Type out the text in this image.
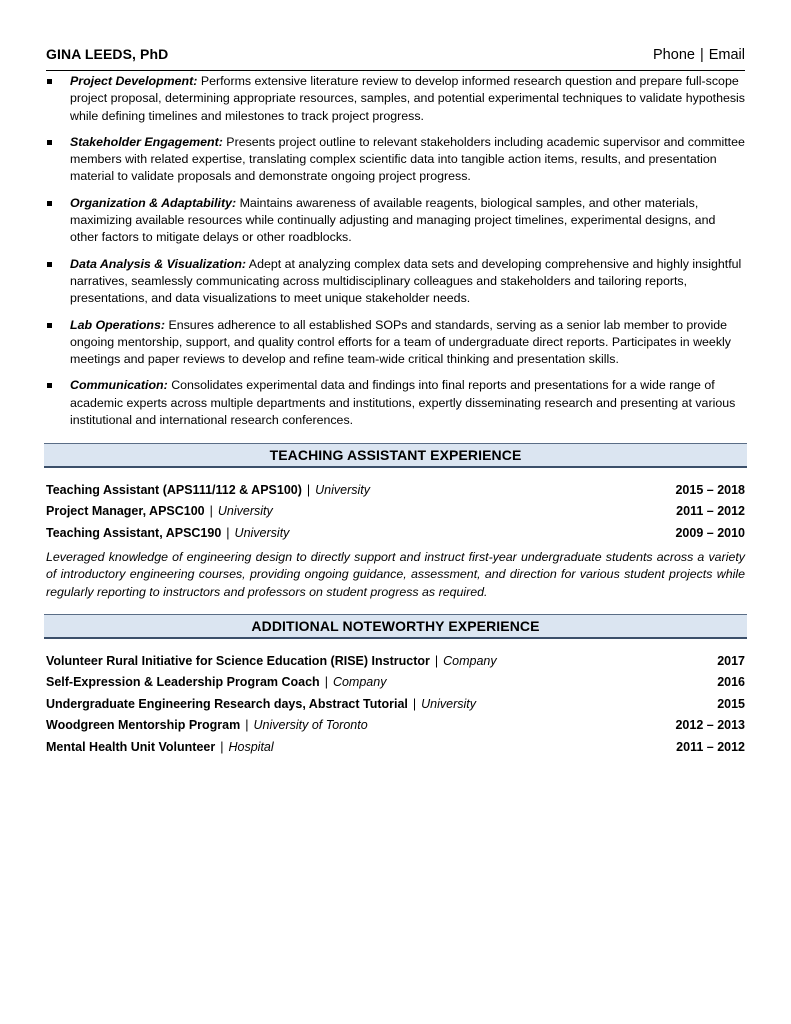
GINA LEEDS, PhD	Phone | Email
Project Development: Performs extensive literature review to develop informed research question and prepare full-scope project proposal, determining appropriate resources, samples, and potential experimental techniques to validate hypothesis while defining timelines and milestones to track project progress.
Stakeholder Engagement: Presents project outline to relevant stakeholders including academic supervisor and committee members with related expertise, translating complex scientific data into tangible action items, results, and presentation material to validate proposals and demonstrate ongoing project progress.
Organization & Adaptability: Maintains awareness of available reagents, biological samples, and other materials, maximizing available resources while continually adjusting and managing project timelines, experimental designs, and other factors to mitigate delays or other roadblocks.
Data Analysis & Visualization: Adept at analyzing complex data sets and developing comprehensive and highly insightful narratives, seamlessly communicating across multidisciplinary colleagues and stakeholders and tailoring reports, presentations, and data visualizations to meet unique stakeholder needs.
Lab Operations: Ensures adherence to all established SOPs and standards, serving as a senior lab member to provide ongoing mentorship, support, and quality control efforts for a team of undergraduate direct reports. Participates in weekly meetings and paper reviews to develop and refine team-wide critical thinking and presentation skills.
Communication: Consolidates experimental data and findings into final reports and presentations for a wide range of academic experts across multiple departments and institutions, expertly disseminating research and presenting at various institutional and international research conferences.
TEACHING ASSISTANT EXPERIENCE
Teaching Assistant (APS111/112 & APS100) | University	2015 – 2018
Project Manager, APSC100 | University	2011 – 2012
Teaching Assistant, APSC190 | University	2009 – 2010

Leveraged knowledge of engineering design to directly support and instruct first-year undergraduate students across a variety of introductory engineering courses, providing ongoing guidance, assessment, and direction for various student projects while regularly reporting to instructors and professors on student progress as required.

ADDITIONAL NOTEWORTHY EXPERIENCE
Volunteer Rural Initiative for Science Education (RISE) Instructor | Company	2017
Self-Expression & Leadership Program Coach | Company	2016
Undergraduate Engineering Research days, Abstract Tutorial | University	2015
Woodgreen Mentorship Program | University of Toronto	2012 – 2013
Mental Health Unit Volunteer | Hospital	2011 – 2012
